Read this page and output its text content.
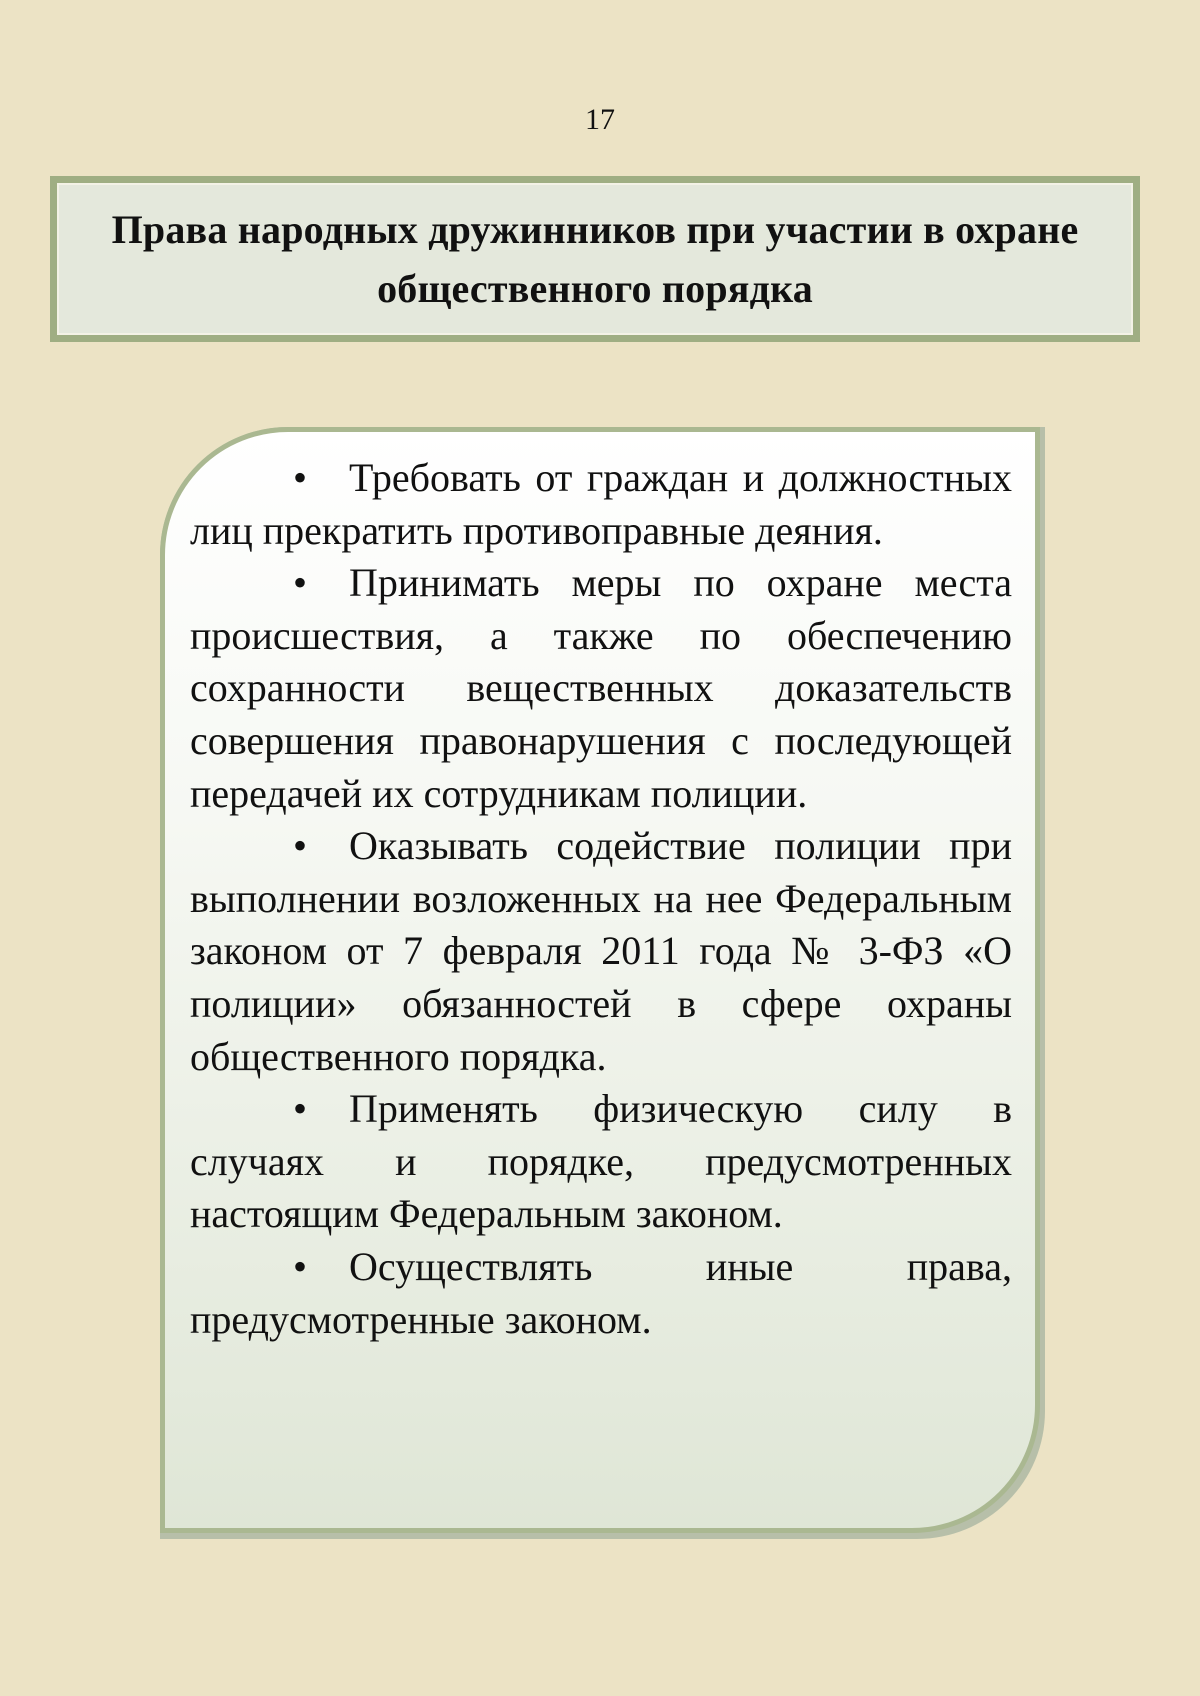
17
Права народных дружинников при участии в охране общественного порядка

• Требовать от граждан и должностных лиц прекратить противоправные деяния.

• Принимать меры по охране места происшествия, а также по обеспечению сохранности вещественных доказательств совершения правонарушения с последующей передачей их сотрудникам полиции.

• Оказывать содействие полиции при выполнении возложенных на нее Федеральным законом от 7 февраля 2011 года № 3-ФЗ «О полиции» обязанностей в сфере охраны общественного порядка.

• Применять физическую силу в случаях и порядке, предусмотренных настоящим Федеральным законом.

• Осуществлять иные права, предусмотренные законом.
